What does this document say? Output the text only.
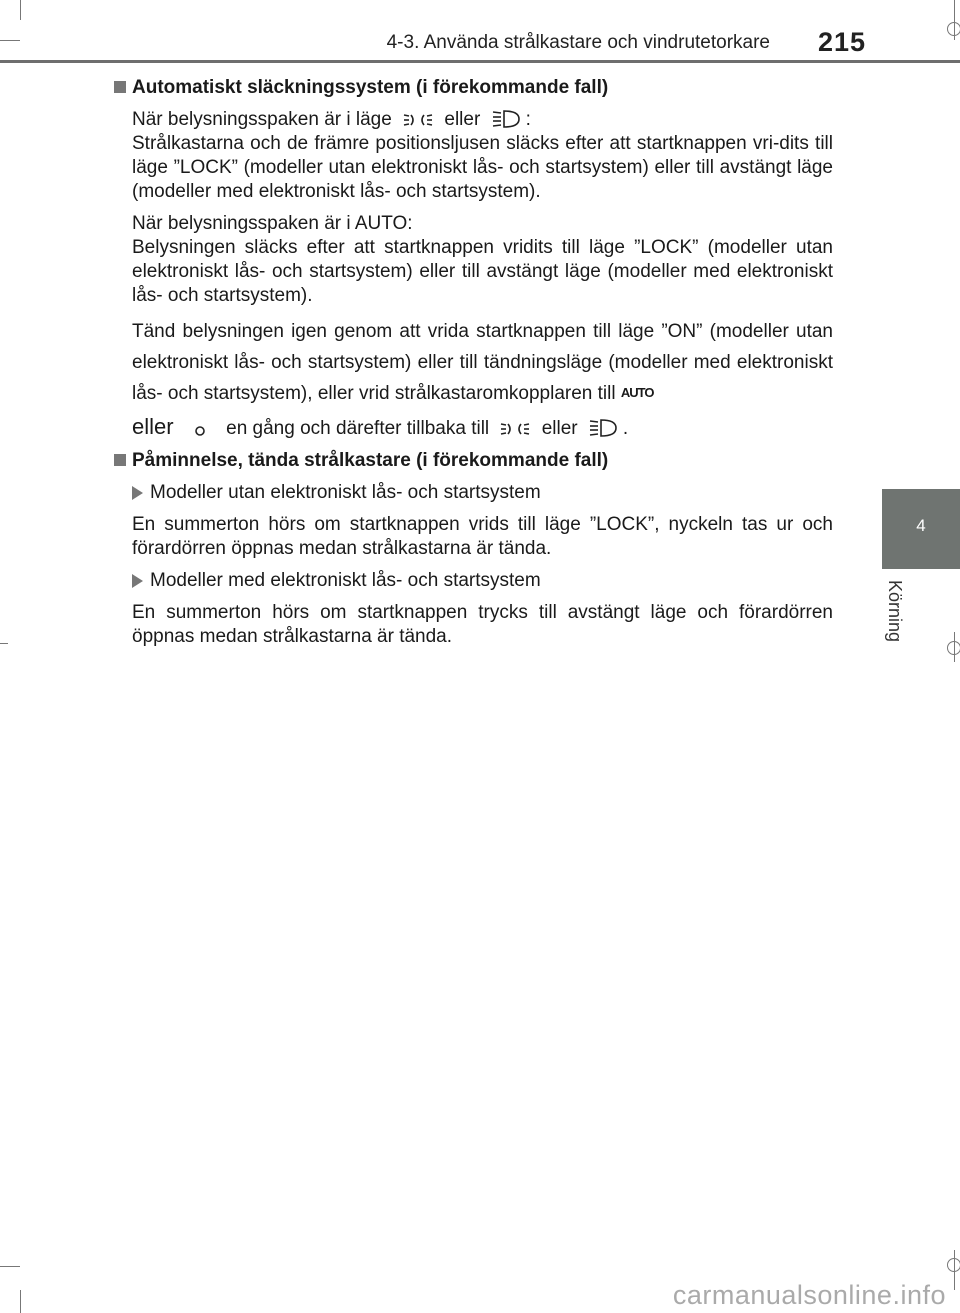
4-3. Använda strålkastare och vindrutetorkare 215
4
Körning
Automatiskt släckningssystem (i förekommande fall)

När belysningsspaken är i läge	eller :

Strålkastarna och de främre positionsljusen släcks efter att startknappen vri-dits till läge ”LOCK” (modeller utan elektroniskt lås- och startsystem) eller till avstängt läge (modeller med elektroniskt lås- och startsystem).

När belysningsspaken är i AUTO:

Belysningen släcks efter att startknappen vridits till läge ”LOCK” (modeller utan elektroniskt lås- och startsystem) eller till avstängt läge (modeller med elektroniskt lås- och startsystem).

Tänd belysningen igen genom att vrida startknappen till läge ”ON” (modeller utan elektroniskt lås- och startsystem) eller till tändningsläge (modeller med elektroniskt lås- och startsystem), eller vrid strålkastaromkopplaren till AUTO

eller	en gång och därefter tillbaka till	eller .

Påminnelse, tända strålkastare (i förekommande fall)
Modeller utan elektroniskt lås- och startsystem

En summerton hörs om startknappen vrids till läge ”LOCK”, nyckeln tas ur och förardörren öppnas medan strålkastarna är tända.

Modeller med elektroniskt lås- och startsystem

En summerton hörs om startknappen trycks till avstängt läge och förardörren öppnas medan strålkastarna är tända.

carmanualsonline.info
